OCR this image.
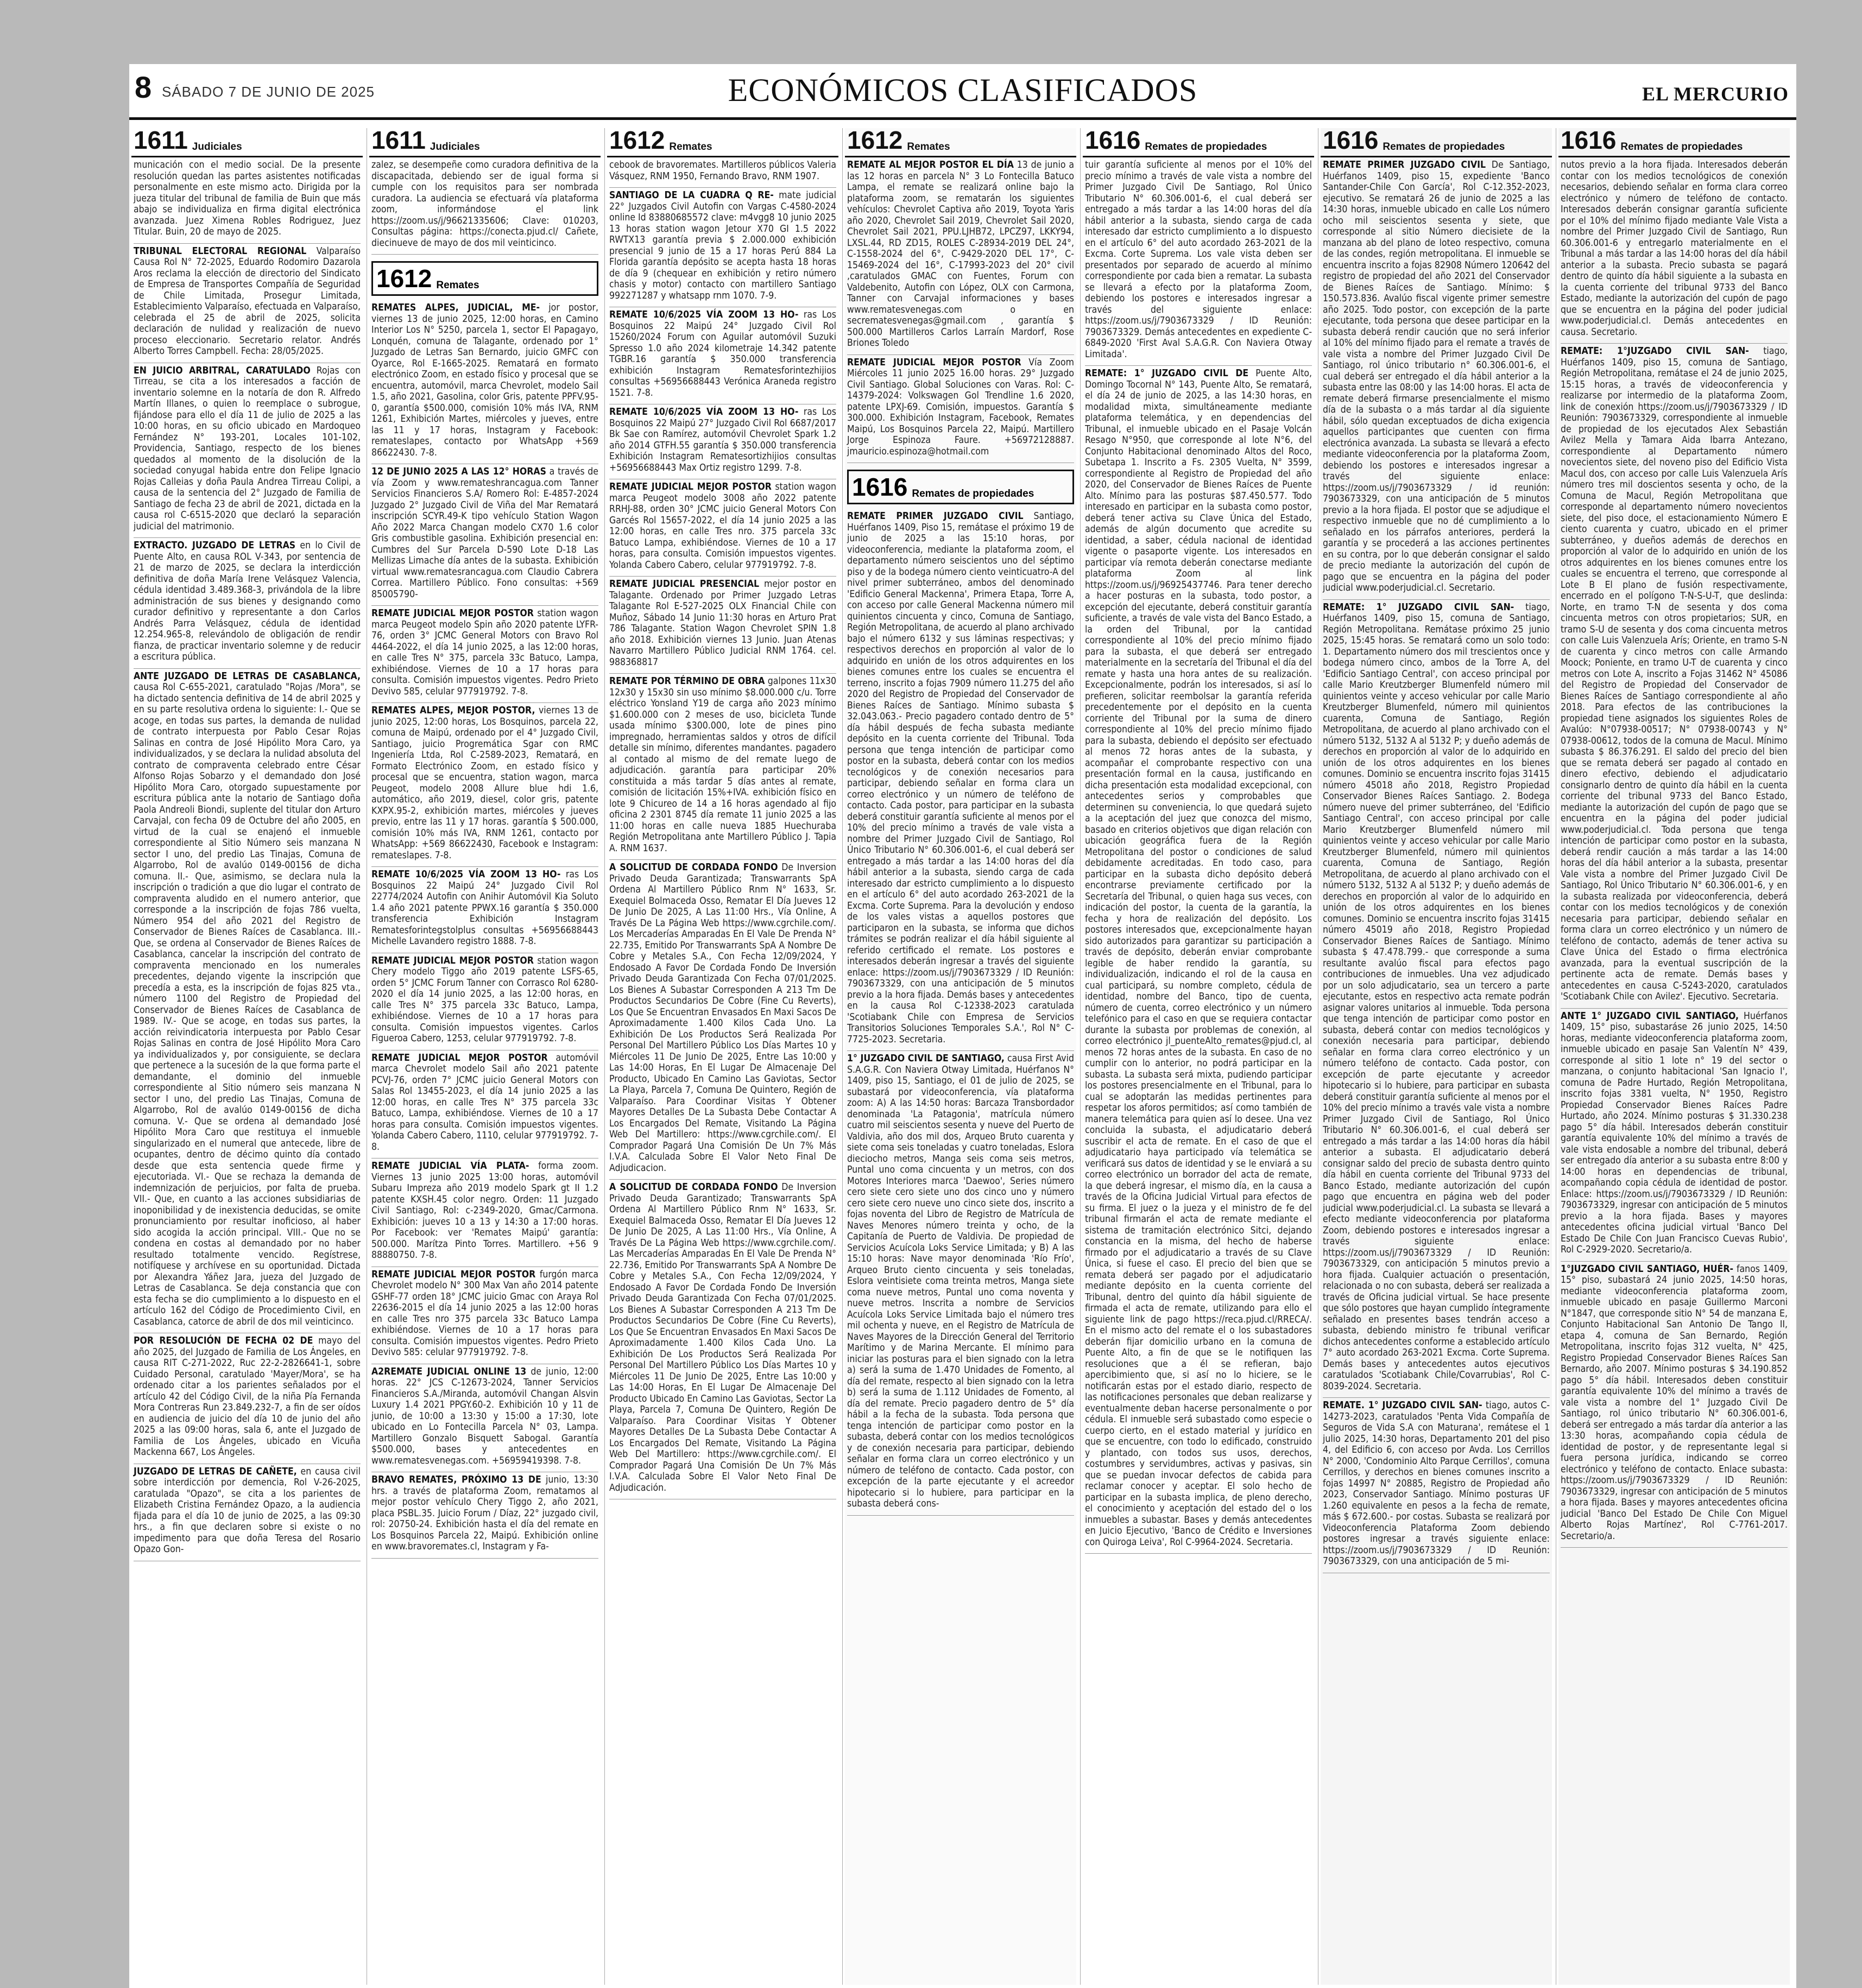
8 SÁBADO 7 DE JUNIO DE 2025	ECONÓMICOS CLASIFICADOS	EL MERCURIO
1611 Judiciales
municación con el medio social. De la presente resolución quedan las partes asistentes notificadas personalmente en este mismo acto. Dirigida por la jueza titular del tribunal de familia de Buin que más abajo se individualiza en firma digital electrónica avanzada. Juez Ximena Robles Rodriguez, Juez Titular. Buin, 20 de mayo de 2025.
TRIBUNAL ELECTORAL REGIONAL Valparaíso Causa Rol N° 72-2025, Eduardo Rodomiro Dazarola Aros reclama la elección de directorio del Sindicato de Empresa de Transportes Compañía de Seguridad de Chile Limitada, Prosegur Limitada, Establecimiento Valparaíso, efectuada en Valparaíso, celebrada el 25 de abril de 2025, solicita declaración de nulidad y realización de nuevo proceso eleccionario. Secretario relator. Andrés Alberto Torres Campbell. Fecha: 28/05/2025.
EN JUICIO ARBITRAL, CARATULADO Rojas con Tirreau, se cita a los interesados a facción de inventario solemne en la notaría de don R. Alfredo Martín Illanes, o quien lo reemplace o subrogue, fijándose para ello el día 11 de julio de 2025 a las 10:00 horas, en su oficio ubicado en Mardoqueo Fernández N° 193-201, Locales 101-102, Providencia, Santiago, respecto de los bienes quedados al momento de la disolución de la sociedad conyugal habida entre don Felipe Ignacio Rojas Calleias y doña Paula Andrea Tirreau Colipi, a causa de la sentencia del 2° Juzgado de Familia de Santiago de fecha 23 de abril de 2021, dictada en la causa rol C-6515-2020 que declaró la separación judicial del matrimonio.
EXTRACTO. JUZGADO DE LETRAS en lo Civil de Puente Alto, en causa ROL V-343, por sentencia de 21 de marzo de 2025, se declara la interdicción definitiva de doña María Irene Velásquez Valencia, cédula identidad 3.489.368-3, privándola de la libre administración de sus bienes y designando como curador definitivo y representante a don Carlos Andrés Parra Velásquez, cédula de identidad 12.254.965-8, relevándolo de obligación de rendir fianza, de practicar inventario solemne y de reducir a escritura pública.
ANTE JUZGADO DE LETRAS DE CASABLANCA, causa Rol C-655-2021, caratulado "Rojas /Mora", se ha dictado sentencia definitiva de 14 de abril 2025 y en su parte resolutiva ordena lo siguiente: I.- Que se acoge, en todas sus partes, la demanda de nulidad de contrato interpuesta por Pablo Cesar Rojas Salinas en contra de José Hipólito Mora Caro, ya individualizados, y se declara la nulidad absoluta del contrato de compraventa celebrado entre César Alfonso Rojas Sobarzo y el demandado don José Hipólito Mora Caro, otorgado supuestamente por escritura pública ante la notario de Santiago doña Paola Andreoli Biondi, suplente del titular don Arturo Carvajal, con fecha 09 de Octubre del año 2005, en virtud de la cual se enajenó el inmueble correspondiente al Sitio Número seis manzana N sector I uno, del predio Las Tinajas, Comuna de Algarrobo, Rol de avalúo 0149-00156 de dicha comuna. II.- Que, asimismo, se declara nula la inscripción o tradición a que dio lugar el contrato de compraventa aludido en el numero anterior, que corresponde a la inscripción de fojas 786 vuelta, Número 954 del año 2021 del Registro de Conservador de Bienes Raíces de Casablanca. III.- Que, se ordena al Conservador de Bienes Raíces de Casablanca, cancelar la inscripción del contrato de compraventa mencionado en los numerales precedentes, dejando vigente la inscripción que precedía a esta, es la inscripción de fojas 825 vta., número 1100 del Registro de Propiedad del Conservador de Bienes Raíces de Casablanca de 1989. IV.- Que se acoge, en todas sus partes, la acción reivindicatoria interpuesta por Pablo Cesar Rojas Salinas en contra de José Hipólito Mora Caro ya individualizados y, por consiguiente, se declara que pertenece a la sucesión de la que forma parte el demandante, el dominio del inmueble correspondiente al Sitio número seis manzana N sector I uno, del predio Las Tinajas, Comuna de Algarrobo, Rol de avalúo 0149-00156 de dicha comuna. V.- Que se ordena al demandado José Hipólito Mora Caro que restituya el inmueble singularizado en el numeral que antecede, libre de ocupantes, dentro de décimo quinto día contado desde que esta sentencia quede firme y ejecutoriada. VI.- Que se rechaza la demanda de indemnización de perjuicios, por falta de prueba. VII.- Que, en cuanto a las acciones subsidiarias de inoponibilidad y de inexistencia deducidas, se omite pronunciamiento por resultar inoficioso, al haber sido acogida la acción principal. VIII.- Que no se condena en costas al demandado por no haber resultado totalmente vencido. Regístrese, notifíquese y archívese en su oportunidad. Dictada por Alexandra Yáñez Jara, jueza del Juzgado de Letras de Casablanca. Se deja constancia que con esta fecha se dio cumplimiento a lo dispuesto en el artículo 162 del Código de Procedimiento Civil, en Casablanca, catorce de abril de dos mil veinticinco.
POR RESOLUCIÓN DE FECHA 02 DE mayo del año 2025, del Juzgado de Familia de Los Ángeles, en causa RIT C-271-2022, Ruc 22-2-2826641-1, sobre Cuidado Personal, caratulado 'Mayer/Mora', se ha ordenado citar a los parientes señalados por el artículo 42 del Código Civil, de la niña Pía Fernanda Mora Contreras Run 23.849.232-7, a fin de ser oídos en audiencia de juicio del día 10 de junio del año 2025 a las 09:00 horas, sala 6, ante el Juzgado de Familia de Los Ángeles, ubicado en Vicuña Mackenna 667, Los Ángeles.
JUZGADO DE LETRAS DE CAÑETE, en causa civil sobre interdicción por demencia, Rol V-26-2025, caratulada "Opazo", se cita a los parientes de Elizabeth Cristina Fernández Opazo, a la audiencia fijada para el día 10 de junio de 2025, a las 09:30 hrs., a fin que declaren sobre si existe o no impedimento para que doña Teresa del Rosario Opazo Gon-
1611 Judiciales
zalez, se desempeñe como curadora definitiva de la discapacitada, debiendo ser de igual forma si cumple con los requisitos para ser nombrada curadora. La audiencia se efectuará vía plataforma zoom, informándose el link https://zoom.us/j/96621335606; Clave: 010203, Consultas página: https://conecta.pjud.cl/ Cañete, diecinueve de mayo de dos mil veinticinco.
1612 Remates
REMATES ALPES, JUDICIAL, ME- jor postor, viernes 13 de junio 2025, 12:00 horas, en Camino Interior Los N° 5250, parcela 1, sector El Papagayo, Lonquén, comuna de Talagante, ordenado por 1° Juzgado de Letras San Bernardo, juicio GMFC con Oyarce, Rol E-1665-2025. Rematará en formato electrónico Zoom, en estado físico y procesal que se encuentra, automóvil, marca Chevrolet, modelo Sail 1.5, año 2021, Gasolina, color Gris, patente PPFV.95-0, garantía $500.000, comisión 10% más IVA, RNM 1261, Exhibición Martes, miércoles y jueves, entre las 11 y 17 horas, Instagram y Facebook: remateslapes, contacto por WhatsApp +569 86622430. 7-8.
12 DE JUNIO 2025 A LAS 12° HORAS a través de vía Zoom y www.remateshrancagua.com Tanner Servicios Financieros S.A/ Romero Rol: E-4857-2024 Juzgado 2° Juzgado Civil de Viña del Mar Rematará inscripción SCYR.49-K tipo vehículo Station Wagon Año 2022 Marca Changan modelo CX70 1.6 color Gris combustible gasolina. Exhibición presencial en: Cumbres del Sur Parcela D-590 Lote D-18 Las Mellizas Limache día antes de la subasta. Exhibición virtual www.rematesrancagua.com Claudio Cabrera Correa. Martillero Público. Fono consultas: +569 85005790-
REMATE JUDICIAL MEJOR POSTOR station wagon marca Peugeot modelo Spin año 2020 patente LYFR-76, orden 3° JCMC General Motors con Bravo Rol 4464-2022, el día 14 junio 2025, a las 12:00 horas, en calle Tres N° 375, parcela 33c Batuco, Lampa, exhibiéndose. Viernes de 10 a 17 horas para consulta. Comisión impuestos vigentes. Pedro Prieto Devivo 585, celular 977919792. 7-8.
REMATES ALPES, MEJOR POSTOR, viernes 13 de junio 2025, 12:00 horas, Los Bosquinos, parcela 22, comuna de Maipú, ordenado por el 4° Juzgado Civil, Santiago, juicio Progremática Sgar con RMC Ingeniería Ltda, Rol C-2589-2023, Rematará, en Formato Electrónico Zoom, en estado físico y procesal que se encuentra, station wagon, marca Peugeot, modelo 2008 Allure blue hdi 1.6, automático, año 2019, diesel, color gris, patente KXPX.95-2, exhibición martes, miércoles y jueves previo, entre las 11 y 17 horas. garantía $ 500.000, comisión 10% más IVA, RNM 1261, contacto por WhatsApp: +569 86622430, Facebook e Instagram: remateslapes. 7-8.
REMATE 10/6/2025 VÍA ZOOM 13 HO- ras Los Bosquinos 22 Maipú 24° Juzgado Civil Rol 22774/2024 Autofin con Anihir Automóvil Kia Soluto 1.4 año 2021 patente PPWX.16 garantía $ 350.000 transferencia Exhibición Instagram Rematesforintegstolplus consultas +56956688443 Michelle Lavandero registro 1888. 7-8.
REMATE JUDICIAL MEJOR POSTOR station wagon Chery modelo Tiggo año 2019 patente LSFS-65, orden 5° JCMC Forum Tanner con Corrasco Rol 6280-2020 el día 14 junio 2025, a las 12:00 horas, en calle Tres N° 375 parcela 33c Batuco, Lampa, exhibiéndose. Viernes de 10 a 17 horas para consulta. Comisión impuestos vigentes. Carlos Figueroa Cabero, 1253, celular 977919792. 7-8.
REMATE JUDICIAL MEJOR POSTOR automóvil marca Chevrolet modelo Sail año 2021 patente PCVJ-76, orden 7° JCMC juicio General Motors con Salas Rol 13455-2023, el día 14 junio 2025 a las 12:00 horas, en calle Tres N° 375 parcela 33c Batuco, Lampa, exhibiéndose. Viernes de 10 a 17 horas para consulta. Comisión impuestos vigentes. Yolanda Cabero Cabero, 1110, celular 977919792. 7-8.
REMATE JUDICIAL VÍA PLATA- forma zoom. Viernes 13 junio 2025 13:00 horas, automóvil Subaru Impreza año 2019 modelo Spark gt II 1.2 patente KXSH.45 color negro. Orden: 11 Juzgado Civil Santiago, Rol: c-2349-2020, Gmac/Carmona. Exhibición: jueves 10 a 13 y 14:30 a 17:00 horas. Por Facebook: ver 'Remates Maipú' garantía: 500.000. Marítza Pinto Torres. Martillero. +56 9 88880750. 7-8.
REMATE JUDICIAL MEJOR POSTOR furgón marca Chevrolet modelo N° 300 Max Van año 2014 patente GSHF-77 orden 18° JCMC juicio Gmac con Araya Rol 22636-2015 el día 14 junio 2025 a las 12:00 horas en calle Tres nro 375 parcela 33c Batuco Lampa exhibiéndose. Viernes de 10 a 17 horas para consulta. Comisión impuestos vigentes. Pedro Prieto Devivo 585: celular 977919792. 7-8.
A2REMATE JUDICIAL ONLINE 13 de junio, 12:00 horas. 22° JCS C-12673-2024, Tanner Servicios Financieros S.A./Miranda, automóvil Changan Alsvin Luxury 1.4 2021 PPGY.60-2. Exhibición 10 y 11 de junio, de 10:00 a 13:30 y 15:00 a 17:30, lote ubicado en Lo Fontecilla Parcela N° 03, Lampa. Martillero Gonzalo Bisquett Sabogal. Garantía $500.000, bases y antecedentes en www.rematesvenegas.com. +56959419398. 7-8.
BRAVO REMATES, PRÓXIMO 13 DE junio, 13:30 hrs. a través de plataforma Zoom, rematamos al mejor postor vehículo Chery Tiggo 2, año 2021, placa PSBL.35. Juicio Forum / Díaz, 22° juzgado civil, rol: 20750-24. Exhibición hasta el día del remate en Los Bosquinos Parcela 22, Maipú. Exhibición online en www.bravoremates.cl, Instagram y Fa-
1612 Remates
cebook de bravoremates. Martilleros públicos Valeria Vásquez, RNM 1950, Fernando Bravo, RNM 1907.
SANTIAGO DE LA CUADRA Q RE- mate judicial 22° Juzgados Civil Autofin con Vargas C-4580-2024 online Id 83880685572 clave: m4vgg8 10 junio 2025 13 horas station wagon Jetour X70 GI 1.5 2022 RWTX13 garantía previa $ 2.000.000 exhibición presencial 9 junio de 15 a 17 horas Perú 884 La Florida garantía depósito se acepta hasta 18 horas de día 9 (chequear en exhibición y retiro número chasis y motor) contacto con martillero Santiago 992271287 y whatsapp rnm 1070. 7-9.
REMATE 10/6/2025 VÍA ZOOM 13 HO- ras Los Bosquinos 22 Maipú 24° Juzgado Civil Rol 15260/2024 Forum con Aguilar automóvil Suzuki Spresso 1.0 año 2024 kilometraje 14.342 patente TGBR.16 garantía $ 350.000 transferencia exhibición Instagram Rematesforintezhijios consultas +56956688443 Verónica Araneda registro 1521. 7-8.
REMATE 10/6/2025 VÍA ZOOM 13 HO- ras Los Bosquinos 22 Maipú 27° Juzgado Civil Rol 6687/2017 Bk Sae con Ramírez, automóvil Chevrolet Spark 1.2 año 2014 GTFH.55 garantía $ 350.000 transferencia Exhibición Instagram Rematesortizhijios consultas +56956688443 Max Ortiz registro 1299. 7-8.
REMATE JUDICIAL MEJOR POSTOR station wagon marca Peugeot modelo 3008 año 2022 patente RRHJ-88, orden 30° JCMC juicio General Motors Con Garcés Rol 15657-2022, el día 14 junio 2025 a las 12:00 horas, en calle Tres nro. 375 parcela 33c Batuco Lampa, exhibiéndose. Viernes de 10 a 17 horas, para consulta. Comisión impuestos vigentes. Yolanda Cabero Cabero, celular 977919792. 7-8.
REMATE JUDICIAL PRESENCIAL mejor postor en Talagante. Ordenado por Primer Juzgado Letras Talagante Rol E-527-2025 OLX Financial Chile con Muñoz, Sábado 14 Junio 11:30 horas en Arturo Prat 786 Talagante. Station Wagon Chevrolet SPIN 1.8 año 2018. Exhibición viernes 13 Junio. Juan Atenas Navarro Martillero Público Judicial RNM 1764. cel. 988368817
REMATE POR TÉRMINO DE OBRA galpones 11x30 12x30 y 15x30 sin uso mínimo $8.000.000 c/u. Torre eléctrico Yonsland Y19 de carga año 2023 mínimo $1.600.000 con 2 meses de uso, bicicleta Tunde usada mínimo $300.000, lote de pines pino impregnado, herramientas saldos y otros de difícil detalle sin mínimo, diferentes mandantes. pagadero al contado al mismo de del remate luego de adjudicación. garantía para participar 20% constituida a más tardar 5 días antes al remate, comisión de licitación 15%+IVA. exhibición físico en lote 9 Chicureo de 14 a 16 horas agendado al fijo oficina 2 2301 8745 día remate 11 junio 2025 a las 11:00 horas en calle nueva 1885 Huechuraba Región Metropolitana ante Martillero Público J. Tapia A. RNM 1637.
A SOLICITUD DE CORDADA FONDO De Inversion Privado Deuda Garantizada; Transwarrants SpA Ordena Al Martillero Público Rnm N° 1633, Sr. Exequiel Bolmaceda Osso, Rematar El Día Jueves 12 De Junio De 2025, A Las 11:00 Hrs., Vía Online, A Través De La Página Web https://www.cgrchile.com/. Los Mercaderías Amparadas En El Vale De Prenda N° 22.735, Emitido Por Transwarrants SpA A Nombre De Cobre y Metales S.A., Con Fecha 12/09/2024, Y Endosado A Favor De Cordada Fondo De Inversión Privado Deuda Garantizada Con Fecha 07/01/2025. Los Bienes A Subastar Corresponden A 213 Tm De Productos Secundarios De Cobre (Fine Cu Reverts), Los Que Se Encuentran Envasados En Maxi Sacos De Aproximadamente 1.400 Kilos Cada Uno. La Exhibición De Los Productos Será Realizada Por Personal Del Martillero Público Los Días Martes 10 y Miércoles 11 De Junio De 2025, Entre Las 10:00 y Las 14:00 Horas, En El Lugar De Almacenaje Del Producto, Ubicado En Camino Las Gaviotas, Sector La Playa, Parcela 7, Comuna De Quintero, Región de Valparaíso. Para Coordinar Visitas Y Obtener Mayores Detalles De La Subasta Debe Contactar A Los Encargados Del Remate, Visitando La Página Web Del Martillero: https://www.cgrchile.com/. El Comprador Pagará Una Comisión De Un 7% Más I.V.A. Calculada Sobre El Valor Neto Final De Adjudicacion.
A SOLICITUD DE CORDADA FONDO De Inversion Privado Deuda Garantizado; Transwarrants SpA Ordena Al Martillero Público Rnm N° 1633, Sr. Exequiel Balmaceda Osso, Rematar El Día Jueves 12 De Junio De 2025, A Las 11:00 Hrs., Vía Online, A Través De La Página Web https://www.cgrchile.com/. Las Mercaderías Amparadas En El Vale De Prenda N° 22.736, Emitido Por Transwarrants SpA A Nombre De Cobre y Metales S.A., Con Fecha 12/09/2024, Y Endosado A Favor De Cordada Fondo De Inversión Privado Deuda Garantizada Con Fecha 07/01/2025. Los Bienes A Subastar Corresponden A 213 Tm De Productos Secundarios De Cobre (Fine Cu Reverts), Los Que Se Encuentran Envasados En Maxi Sacos De Aproximadamente 1.400 Kilos Cada Uno. La Exhibición De Los Productos Será Realizada Por Personal Del Martillero Público Los Días Martes 10 y Miércoles 11 De Junio De 2025, Entre Las 10:00 y Las 14:00 Horas, En El Lugar De Almacenaje Del Producto Ubicado En Camino Las Gaviotas, Sector La Playa, Parcela 7, Comuna De Quintero, Región De Valparaíso. Para Coordinar Visitas Y Obtener Mayores Detalles De La Subasta Debe Contactar A Los Encargados Del Remate, Visitando La Página Web Del Martillero: https://www.cgrchile.com/. El Comprador Pagará Una Comisión De Un 7% Más I.V.A. Calculada Sobre El Valor Neto Final De Adjudicación.
1612 Remates
REMATE AL MEJOR POSTOR EL DÍA 13 de junio a las 12 horas en parcela N° 3 Lo Fontecilla Batuco Lampa, el remate se realizará online bajo la plataforma zoom, se rematarán los siguientes vehículos: Chevrolet Captiva año 2019, Toyota Yaris año 2020, Chevrolet Sail 2019, Chevrolet Sail 2020, Chevrolet Sail 2021, PPU.LJHB72, LPCZ97, LKKY94, LXSL.44, RD ZD15, ROLES C-28934-2019 DEL 24°, C-1558-2024 del 6°, C-9429-2020 DEL 17°, C-15469-2024 del 16°, C-17993-2023 del 20° civil ,caratulados GMAC con Fuentes, Forum con Valdebenito, Autofin con López, OLX con Carmona, Tanner con Carvajal informaciones y bases www.rematesvenegas.com o en secrematesvenegas@gmail.com , garantía $ 500.000 Martilleros Carlos Larraín Mardorf, Rose Briones Toledo
REMATE JUDICIAL MEJOR POSTOR Vía Zoom Miércoles 11 junio 2025 16.00 horas. 29° Juzgado Civil Santiago. Global Soluciones con Varas. Rol: C-14379-2024: Volkswagen Gol Trendline 1.6 2020, patente LPXJ-69. Comisión, impuestos. Garantía $ 300.000. Exhibición Instagram, Facebook, Remates Maipú, Los Bosquinos Parcela 22, Maipú. Martillero Jorge Espinoza Faure. +56972128887. jmauricio.espinoza@hotmail.com
1616 Remates de propiedades
REMATE PRIMER JUZGADO CIVIL Santiago, Huérfanos 1409, Piso 15, remátase el próximo 19 de junio de 2025 a las 15:10 horas, por videoconferencia, mediante la plataforma zoom, el departamento número seiscientos uno del séptimo piso y de la bodega número ciento veinticuatro-A del nivel primer subterráneo, ambos del denominado 'Edificio General Mackenna', Primera Etapa, Torre A, con acceso por calle General Mackenna número mil quinientos cincuenta y cinco, Comuna de Santiago, Región Metropolitana, de acuerdo al plano archivado bajo el número 6132 y sus láminas respectivas; y respectivos derechos en proporción al valor de lo adquirido en unión de los otros adquirentes en los bienes comunes entre los cuales se encuentra el terreno, inscrito a fojas 7909 número 11.275 del año 2020 del Registro de Propiedad del Conservador de Bienes Raíces de Santiago. Mínimo subasta $ 32.043.063.- Precio pagadero contado dentro de 5° día hábil después de fecha subasta mediante depósito en la cuenta corriente del Tribunal. Toda persona que tenga intención de participar como postor en la subasta, deberá contar con los medios tecnológicos y de conexión necesarios para participar, debiendo señalar en forma clara un correo electrónico y un número de teléfono de contacto. Cada postor, para participar en la subasta deberá constituir garantía suficiente al menos por el 10% del precio mínimo a través de vale vista a nombre del Primer Juzgado Civil de Santiago, Rol Único Tributario N° 60.306.001-6, el cual deberá ser entregado a más tardar a las 14:00 horas del día hábil anterior a la subasta, siendo carga de cada interesado dar estricto cumplimiento a lo dispuesto en el artículo 6° del auto acordado 263-2021 de la Excma. Corte Suprema. Para la devolución y endoso de los vales vistas a aquellos postores que participaron en la subasta, se informa que dichos trámites se podrán realizar el día hábil siguiente al referido certificado el remate. Los postores e interesados deberán ingresar a través del siguiente enlace: https://zoom.us/j/7903673329 / ID Reunión: 7903673329, con una anticipación de 5 minutos previo a la hora fijada. Demás bases y antecedentes en la causa Rol C-12338-2023 caratulada 'Scotiabank Chile con Empresa de Servicios Transitorios Soluciones Temporales S.A.', Rol N° C-7725-2023. Secretaria.
1° JUZGADO CIVIL DE SANTIAGO, causa First Avid S.A.G.R. Con Naviera Otway Limitada, Huérfanos N° 1409, piso 15, Santiago, el 01 de julio de 2025, se subastará por videoconferencia, vía plataforma zoom: A) A las 14:50 horas: Barcaza Transbordador denominada 'La Patagonia', matrícula número cuatro mil seiscientos sesenta y nueve del Puerto de Valdivia, año dos mil dos, Arqueo Bruto cuarenta y siete coma seis toneladas y cuatro toneladas, Eslora dieciocho metros, Manga seis coma seis metros, Puntal uno coma cincuenta y un metros, con dos Motores Interiores marca 'Daewoo', Series número cero siete cero siete uno dos cinco uno y número cero siete cero nueve uno cinco siete dos, inscrito a fojas noventa del Libro de Registro de Matrícula de Naves Menores número treinta y ocho, de la Capitanía de Puerto de Valdivia. De propiedad de Servicios Acuícola Loks Service Limitada; y B) A las 15:10 horas: Nave mayor denominada 'Río Frío', Arqueo Bruto ciento cincuenta y seis toneladas, Eslora veintisiete coma treinta metros, Manga siete coma nueve metros, Puntal uno coma noventa y nueve metros. Inscrita a nombre de Servicios Acuícola Loks Service Limitada bajo el número tres mil ochenta y nueve, en el Registro de Matrícula de Naves Mayores de la Dirección General del Territorio Marítimo y de Marina Mercante. El mínimo para iniciar las posturas para el bien signado con la letra a) será la suma de 1.470 Unidades de Fomento, al día del remate, respecto al bien signado con la letra b) será la suma de 1.112 Unidades de Fomento, al día del remate. Precio pagadero dentro de 5° día hábil a la fecha de la subasta. Toda persona que tenga intención de participar como postor en la subasta, deberá contar con los medios tecnológicos y de conexión necesaria para participar, debiendo señalar en forma clara un correo electrónico y un número de teléfono de contacto. Cada postor, con excepción de la parte ejecutante y el acreedor hipotecario si lo hubiere, para participar en la subasta deberá cons-
1616 Remates de propiedades
tuir garantía suficiente al menos por el 10% del precio mínimo a través de vale vista a nombre del Primer Juzgado Civil De Santiago, Rol Único Tributario N° 60.306.001-6, el cual deberá ser entregado a más tardar a las 14:00 horas del día hábil anterior a la subasta, siendo carga de cada interesado dar estricto cumplimiento a lo dispuesto en el artículo 6° del auto acordado 263-2021 de la Excma. Corte Suprema. Los vale vista deben ser presentados por separado de acuerdo al mínimo correspondiente por cada bien a rematar. La subasta se llevará a efecto por la plataforma Zoom, debiendo los postores e interesados ingresar a través del siguiente enlace: https://zoom.us/j/7903673329 / ID Reunión: 7903673329. Demás antecedentes en expediente C-6849-2020 'First Aval S.A.G.R. Con Naviera Otway Limitada'.
REMATE: 1° JUZGADO CIVIL DE Puente Alto, Domingo Tocornal N° 143, Puente Alto, Se rematará, el día 24 de junio de 2025, a las 14:30 horas, en modalidad mixta, simultáneamente mediante plataforma telemática, y en dependencias del Tribunal, el inmueble ubicado en el Pasaje Volcán Resago N°950, que corresponde al lote N°6, del Conjunto Habitacional denominado Altos del Roco, Subetapa 1. Inscrito a Fs. 2305 Vuelta, N° 3599, correspondiente al Registro de Propiedad del año 2020, del Conservador de Bienes Raíces de Puente Alto. Mínimo para las posturas $87.450.577. Todo interesado en participar en la subasta como postor, deberá tener activa su Clave Única del Estado, además de algún documento que acredite su identidad, a saber, cédula nacional de identidad vigente o pasaporte vigente. Los interesados en participar vía remota deberán conectarse mediante plataforma Zoom al link https://zoom.us/j/96925437746. Para tener derecho a hacer posturas en la subasta, todo postor, a excepción del ejecutante, deberá constituir garantía suficiente, a través de vale vista del Banco Estado, a la orden del Tribunal, por la cantidad correspondiente al 10% del precio mínimo fijado para la subasta, el que deberá ser entregado materialmente en la secretaría del Tribunal el día del remate y hasta una hora antes de su realización. Excepcionalmente, podrán los interesados, si así lo prefieren, solicitar reembolsar la garantía referida precedentemente por el depósito en la cuenta corriente del Tribunal por la suma de dinero correspondiente al 10% del precio mínimo fijado para la subasta, debiendo el depósito ser efectuado al menos 72 horas antes de la subasta, y acompañar el comprobante respectivo con una presentación formal en la causa, justificando en dicha presentación esta modalidad excepcional, con antecedentes serios y comprobables que determinen su conveniencia, lo que quedará sujeto a la aceptación del juez que conozca del mismo, basado en criterios objetivos que digan relación con ubicación geográfica fuera de la Región Metropolitana del postor o condiciones de salud debidamente acreditadas. En todo caso, para participar en la subasta dicho depósito deberá encontrarse previamente certificado por la Secretaría del Tribunal, o quien haga sus veces, con indicación del postor, la cuenta de la garantía, la fecha y hora de realización del depósito. Los postores interesados que, excepcionalmente hayan sido autorizados para garantizar su participación a través de depósito, deberán enviar comprobante legible de haber rendido la garantía, su individualización, indicando el rol de la causa en cual participará, su nombre completo, cédula de identidad, nombre del Banco, tipo de cuenta, número de cuenta, correo electrónico y un número telefónico para el caso en que se requiera contactar durante la subasta por problemas de conexión, al correo electrónico jl_puenteAlto_remates@pjud.cl, al menos 72 horas antes de la subasta. En caso de no cumplir con lo anterior, no podrá participar en la subasta. La subasta será mixta, pudiendo participar los postores presencialmente en el Tribunal, para lo cual se adoptarán las medidas pertinentes para respetar los aforos permitidos; así como también de manera telemática para quien así lo desee. Una vez concluida la subasta, el adjudicatario deberá suscribir el acta de remate. En el caso de que el adjudicatario haya participado vía telemática se verificará sus datos de identidad y se le enviará a su correo electrónico un borrador del acta de remate, la que deberá ingresar, el mismo día, en la causa a través de la Oficina Judicial Virtual para efectos de su firma. El juez o la jueza y el ministro de fe del tribunal firmarán el acta de remate mediante el sistema de tramitación electrónico Sitci, dejando constancia en la misma, del hecho de haberse firmado por el adjudicatario a través de su Clave Única, si fuese el caso. El precio del bien que se remata deberá ser pagado por el adjudicatario mediante depósito en la cuenta corriente del Tribunal, dentro del quinto día hábil siguiente de firmada el acta de remate, utilizando para ello el siguiente link de pago https://reca.pjud.cl/RRECA/. En el mismo acto del remate el o los subastadores deberán fijar domicilio urbano en la comuna de Puente Alto, a fin de que se le notifiquen las resoluciones que a él se refieran, bajo apercibimiento que, si así no lo hiciere, se le notificarán estas por el estado diario, respecto de las notificaciones personales que deban realizarse y eventualmente deban hacerse personalmente o por cédula. El inmueble será subastado como especie o cuerpo cierto, en el estado material y jurídico en que se encuentre, con todo lo edificado, construido y plantado, con todos sus usos, derechos, costumbres y servidumbres, activas y pasivas, sin que se puedan invocar defectos de cabida para reclamar conocer y aceptar. El solo hecho de participar en la subasta implica, de pleno derecho, el conocimiento y aceptación del estado del o los inmuebles a subastar. Bases y demás antecedentes en Juicio Ejecutivo, 'Banco de Crédito e Inversiones con Quiroga Leiva', Rol C-9964-2024. Secretaria.
1616 Remates de propiedades
REMATE PRIMER JUZGADO CIVIL De Santiago, Huérfanos 1409, piso 15, expediente 'Banco Santander-Chile Con García', Rol C-12.352-2023, ejecutivo. Se rematará 26 de junio de 2025 a las 14:30 horas, inmueble ubicado en calle Los número ocho mil seiscientos sesenta y siete, que corresponde al sitio Número diecisiete de la manzana ab del plano de loteo respectivo, comuna de las condes, región metropolitana. El inmueble se encuentra inscrito a fojas 82908 Número 120642 del registro de propiedad del año 2021 del Conservador de Bienes Raíces de Santiago. Mínimo: $ 150.573.836. Avalúo fiscal vigente primer semestre año 2025. Todo postor, con excepción de la parte ejecutante, toda persona que desee participar en la subasta deberá rendir caución que no será inferior al 10% del mínimo fijado para el remate a través de vale vista a nombre del Primer Juzgado Civil De Santiago, rol único tributario n° 60.306.001-6, el cual deberá ser entregado el día hábil anterior a la subasta entre las 08:00 y las 14:00 horas. El acta de remate deberá firmarse presencialmente el mismo día de la subasta o a más tardar al día siguiente hábil, sólo quedan exceptuados de dicha exigencia aquellos participantes que cuenten con firma electrónica avanzada. La subasta se llevará a efecto mediante videoconferencia por la plataforma Zoom, debiendo los postores e interesados ingresar a través del siguiente enlace: https://zoom.us/j/7903673329 / id reunión: 7903673329, con una anticipación de 5 minutos previo a la hora fijada. El postor que se adjudique el respectivo inmueble que no dé cumplimiento a lo señalado en los párrafos anteriores, perderá la garantía y se procederá a las acciones pertinentes en su contra, por lo que deberán consignar el saldo de precio mediante la autorización del cupón de pago que se encuentra en la página del poder judicial www.poderjudicial.cl. Secretario.
REMATE: 1° JUZGADO CIVIL SAN- tiago, Huérfanos 1409, piso 15, comuna de Santiago, Región Metropolitana. Remátase próximo 25 junio 2025, 15:45 horas. Se rematará como un solo todo: 1. Departamento número dos mil trescientos once y bodega número cinco, ambos de la Torre A, del 'Edificio Santiago Central', con acceso principal por calle Mario Kreutzberger Blumenfeld número mil quinientos veinte y acceso vehicular por calle Mario Kreutzberger Blumenfeld, número mil quinientos cuarenta, Comuna de Santiago, Región Metropolitana, de acuerdo al plano archivado con el número 5132, 5132 A al 5132 P; y dueño además de derechos en proporción al valor de lo adquirido en unión de los otros adquirentes en los bienes comunes. Dominio se encuentra inscrito fojas 31415 número 45018 año 2018, Registro Propiedad Conservador Bienes Raíces Santiago. 2. Bodega número nueve del primer subterráneo, del 'Edificio Santiago Central', con acceso principal por calle Mario Kreutzberger Blumenfeld número mil quinientos veinte y acceso vehicular por calle Mario Kreutzberger Blumenfeld, número mil quinientos cuarenta, Comuna de Santiago, Región Metropolitana, de acuerdo al plano archivado con el número 5132, 5132 A al 5132 P; y dueño además de derechos en proporción al valor de lo adquirido en unión de los otros adquirentes en los bienes comunes. Dominio se encuentra inscrito fojas 31415 número 45019 año 2018, Registro Propiedad Conservador Bienes Raíces de Santiago. Mínimo subasta $ 47.478.799.- que corresponde a suma resultante avalúo fiscal para efectos pago contribuciones de inmuebles. Una vez adjudicado por un solo adjudicatario, sea un tercero a parte ejecutante, estos en respectivo acta remate podrán asignar valores unitarios al inmueble. Toda persona que tenga intención de participar como postor en subasta, deberá contar con medios tecnológicos y conexión necesaria para participar, debiendo señalar en forma clara correo electrónico y un número teléfono de contacto. Cada postor, con excepción de parte ejecutante y acreedor hipotecario si lo hubiere, para participar en subasta deberá constituir garantía suficiente al menos por el 10% del precio mínimo a través vale vista a nombre Primer Juzgado Civil de Santiago, Rol Único Tributario N° 60.306.001-6, el cual deberá ser entregado a más tardar a las 14:00 horas día hábil anterior a subasta. El adjudicatario deberá consignar saldo del precio de subasta dentro quinto día hábil en cuenta corriente del Tribunal 9733 del Banco Estado, mediante autorización del cupón pago que encuentra en página web del poder judicial www.poderjudicial.cl. La subasta se llevará a efecto mediante videoconferencia por plataforma Zoom, debiendo postores e interesados ingresar a través siguiente enlace: https://zoom.us/j/7903673329 / ID Reunión: 7903673329, con anticipación 5 minutos previo a hora fijada. Cualquier actuación o presentación, relacionada o no con subasta, deberá ser realizada a través de Oficina judicial virtual. Se hace presente que sólo postores que hayan cumplido íntegramente señalado en presentes bases tendrán acceso a subasta, debiendo ministro fe tribunal verificar dichos antecedentes conforme a establecido artículo 7° auto acordado 263-2021 Excma. Corte Suprema. Demás bases y antecedentes autos ejecutivos caratulados 'Scotiabank Chile/Covarrubias', Rol C-8039-2024. Secretaria.
REMATE. 1° JUZGADO CIVIL SAN- tiago, autos C-14273-2023, caratulados 'Penta Vida Compañía de Seguros de Vida S.A con Maturana', remátese el 1 julio 2025, 14:30 horas, Departamento 201 del piso 4, del Edificio 6, con acceso por Avda. Los Cerrillos N° 2000, 'Condominio Alto Parque Cerrillos', comuna Cerrillos, y derechos en bienes comunes inscrito a fojas 14997 N° 20885, Registro de Propiedad año 2023, Conservador Santiago. Mínimo posturas UF 1.260 equivalente en pesos a la fecha de remate, más $ 672.600.- por costas. Subasta se realizará por Videoconferencia Plataforma Zoom debiendo postores ingresar a través siguiente enlace: https://zoom.us/j/7903673329 / ID Reunión: 7903673329, con una anticipación de 5 mi-
1616 Remates de propiedades
nutos previo a la hora fijada. Interesados deberán contar con los medios tecnológicos de conexión necesarios, debiendo señalar en forma clara correo electrónico y número de teléfono de contacto. Interesados deberán consignar garantía suficiente por el 10% del mínimo fijado mediante Vale Vista a nombre del Primer Juzgado Civil de Santiago, Run 60.306.001-6 y entregarlo materialmente en el Tribunal a más tardar a las 14:00 horas del día hábil anterior a la subasta. Precio subasta se pagará dentro de quinto día hábil siguiente a la subasta en la cuenta corriente del tribunal 9733 del Banco Estado, mediante la autorización del cupón de pago que se encuentra en la página del poder judicial www.poderjudicial.cl. Demás antecedentes en causa. Secretario.
REMATE: 1°JUZGADO CIVIL SAN- tiago, Huérfanos 1409, piso 15, comuna de Santiago, Región Metropolitana, remátase el 24 de junio 2025, 15:15 horas, a través de videoconferencia y realizarse por intermedio de la plataforma Zoom, link de conexión https://zoom.us/j/7903673329 / ID Reunión: 7903673329, correspondiente al inmueble de propiedad de los ejecutados Alex Sebastián Avilez Mella y Tamara Aida Ibarra Antezano, correspondiente al Departamento número novecientos siete, del noveno piso del Edificio Vista Macul dos, con acceso por calle Luis Valenzuela Arís número tres mil doscientos sesenta y ocho, de la Comuna de Macul, Región Metropolitana que corresponde al departamento número novecientos siete, del piso doce, el estacionamiento Número E ciento cuarenta y cuatro, ubicado en el primer subterráneo, y dueños además de derechos en proporción al valor de lo adquirido en unión de los otros adquirentes en los bienes comunes entre los cuales se encuentra el terreno, que corresponde al Lote B El plano de fusión respectivamente, encerrado en el polígono T-N-S-U-T, que deslinda: Norte, en tramo T-N de sesenta y dos coma cincuenta metros con otros propietarios; SUR, en tramo S-U de sesenta y dos coma cincuenta metros con calle Luis Valenzuela Arís; Oriente, en tramo S-N de cuarenta y cinco metros con calle Armando Moock; Poniente, en tramo U-T de cuarenta y cinco metros con Lote A, inscrito a Fojas 31462 N° 45086 del Registro de Propiedad del Conservador de Bienes Raíces de Santiago correspondiente al año 2018. Para efectos de las contribuciones la propiedad tiene asignados los siguientes Roles de Avalúo: N°07938-00517; N° 07938-00743 y N° 07938-00612, todos de la comuna de Macul. Mínimo subasta $ 86.376.291. El saldo del precio del bien que se remata deberá ser pagado al contado en dinero efectivo, debiendo el adjudicatario consignarlo dentro de quinto día hábil en la cuenta corriente del tribunal 9733 del Banco Estado, mediante la autorización del cupón de pago que se encuentra en la página del poder judicial www.poderjudicial.cl. Toda persona que tenga intención de participar como postor en la subasta, deberá rendir caución a más tardar a las 14:00 horas del día hábil anterior a la subasta, presentar Vale vista a nombre del Primer Juzgado Civil De Santiago, Rol Único Tributario N° 60.306.001-6, y en la subasta realizada por videoconferencia, deberá contar con los medios tecnológicos y de conexión necesaria para participar, debiendo señalar en forma clara un correo electrónico y un número de teléfono de contacto, además de tener activa su Clave Única del Estado o firma electrónica avanzada, para la eventual suscripción de la pertinente acta de remate. Demás bases y antecedentes en causa C-5243-2020, caratulados 'Scotiabank Chile con Avilez'. Ejecutivo. Secretaria.
ANTE 1° JUZGADO CIVIL SANTIAGO, Huérfanos 1409, 15° piso, subastaráse 26 junio 2025, 14:50 horas, mediante videoconferencia plataforma zoom, inmueble ubicado en pasaje San Valentín N° 439, corresponde al sitio 1 lote n° 19 del sector o manzana, o conjunto habitacional 'San Ignacio I', comuna de Padre Hurtado, Región Metropolitana, inscrito fojas 3381 vuelta, N° 1950, Registro Propiedad Conservador Bienes Raíces Padre Hurtado, año 2024. Mínimo posturas $ 31.330.238 pago 5° día hábil. Interesados deberán constituir garantía equivalente 10% del mínimo a través de vale vista endosable a nombre del tribunal, deberá ser entregado día anterior a su subasta entre 8:00 y 14:00 horas en dependencias de tribunal, acompañando copia cédula de identidad de postor. Enlace: https://zoom.us/j/7903673329 / ID Reunión: 7903673329, ingresar con anticipación de 5 minutos previo a la hora fijada. Bases y mayores antecedentes oficina judicial virtual 'Banco Del Estado De Chile Con Juan Francisco Cuevas Rubio', Rol C-2929-2020. Secretario/a.
1°JUZGADO CIVIL SANTIAGO, HUÉR- fanos 1409, 15° piso, subastará 24 junio 2025, 14:50 horas, mediante videoconferencia plataforma zoom, inmueble ubicado en pasaje Guillermo Marconi N°1847, que corresponde sitio N° 54 de manzana E, Conjunto Habitacional San Antonio De Tango II, etapa 4, comuna de San Bernardo, Región Metropolitana, inscrito fojas 312 vuelta, N° 425, Registro Propiedad Conservador Bienes Raíces San Bernardo, año 2007. Mínimo posturas $ 34.190.852 pago 5° día hábil. Interesados deben constituir garantía equivalente 10% del mínimo a través de vale vista a nombre del 1° Juzgado Civil De Santiago, rol único tributario N° 60.306.001-6, deberá ser entregado a más tardar día anterior a las 13:30 horas, acompañando copia cédula de identidad de postor, y de representante legal si fuera persona jurídica, indicando se correo electrónico y teléfono de contacto. Enlace subasta: https://zoom.us/j/7903673329 / ID Reunión: 7903673329, ingresar con anticipación de 5 minutos a hora fijada. Bases y mayores antecedentes oficina judicial 'Banco Del Estado De Chile Con Miguel Alberto Rojas Martínez', Rol C-7761-2017. Secretario/a.
